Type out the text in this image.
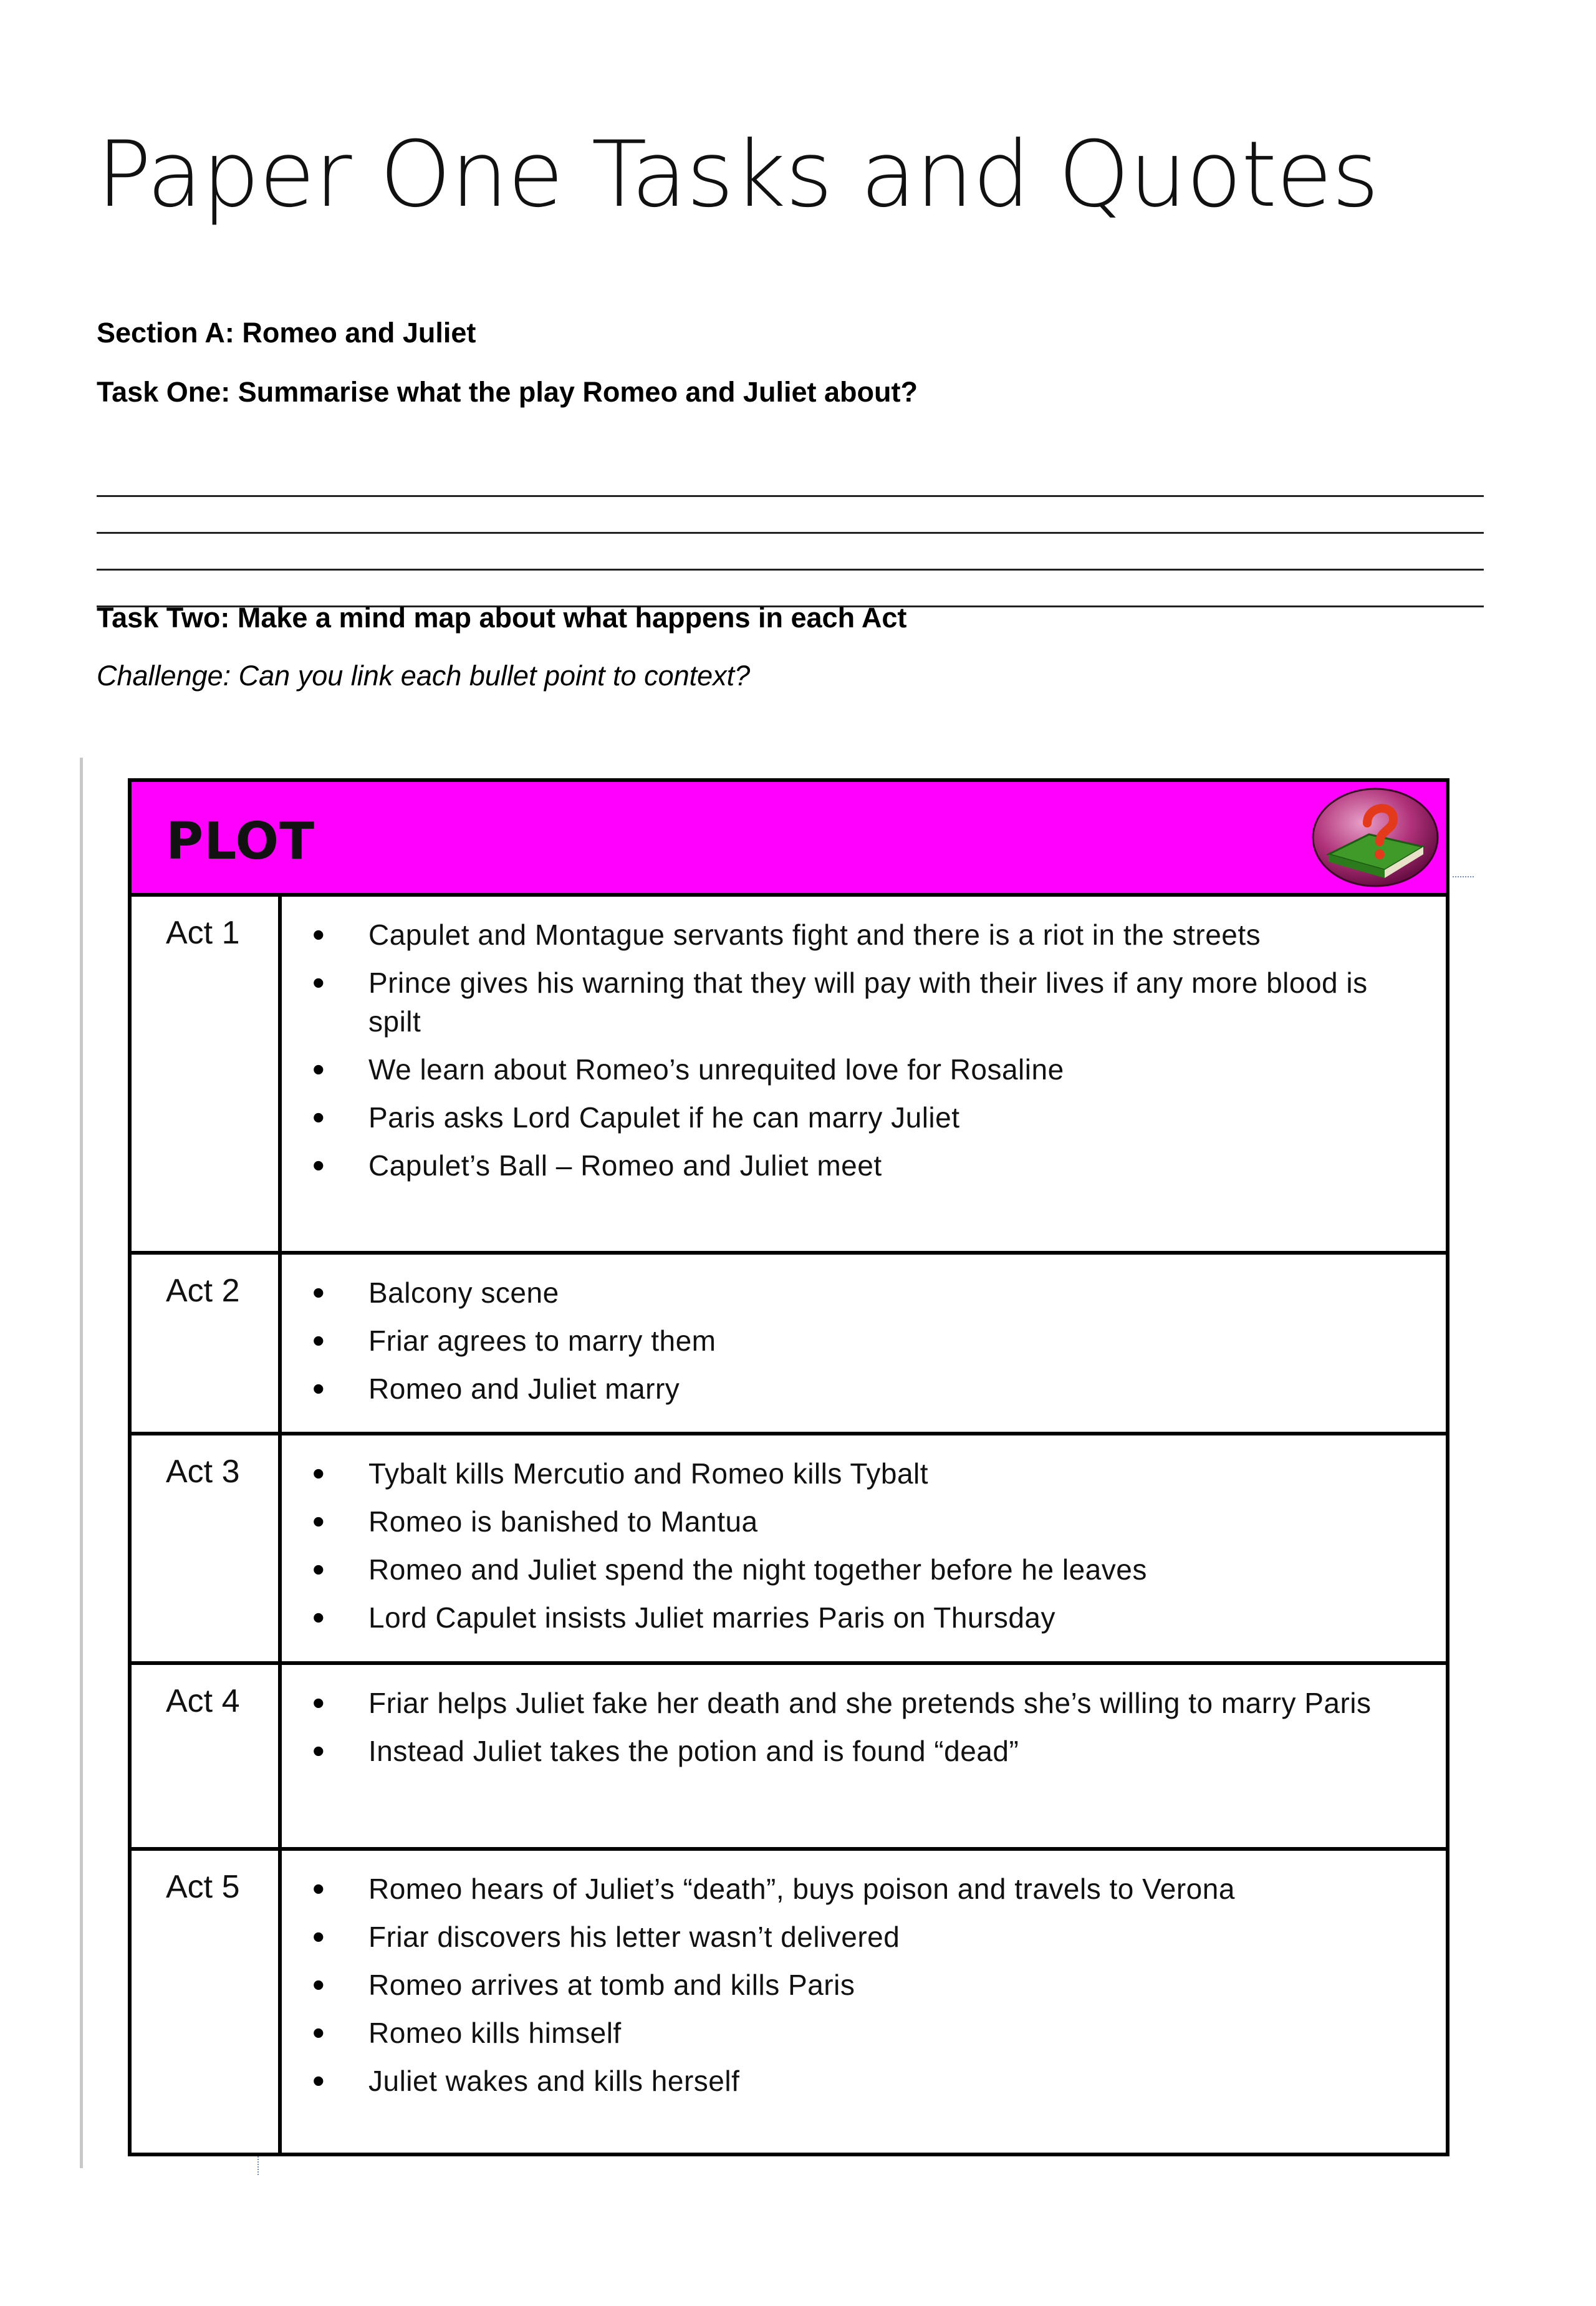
Paper One Tasks and Quotes
Section A: Romeo and Juliet
Task One: Summarise what the play Romeo and Juliet about?
Task Two: Make a mind map about what happens in each Act
Challenge: Can you link each bullet point to context?
PLOT
Act 1	• Capulet and Montague servants fight and there is a riot in the streets
• Prince gives his warning that they will pay with their lives if any more blood is spilt
• We learn about Romeo’s unrequited love for Rosaline
• Paris asks Lord Capulet if he can marry Juliet
• Capulet’s Ball – Romeo and Juliet meet
Act 2	• Balcony scene
• Friar agrees to marry them
• Romeo and Juliet marry
Act 3	• Tybalt kills Mercutio and Romeo kills Tybalt
• Romeo is banished to Mantua
• Romeo and Juliet spend the night together before he leaves
• Lord Capulet insists Juliet marries Paris on Thursday
Act 4	• Friar helps Juliet fake her death and she pretends she’s willing to marry Paris
• Instead Juliet takes the potion and is found “dead”
Act 5	• Romeo hears of Juliet’s “death”, buys poison and travels to Verona
• Friar discovers his letter wasn’t delivered
• Romeo arrives at tomb and kills Paris
• Romeo kills himself
• Juliet wakes and kills herself
